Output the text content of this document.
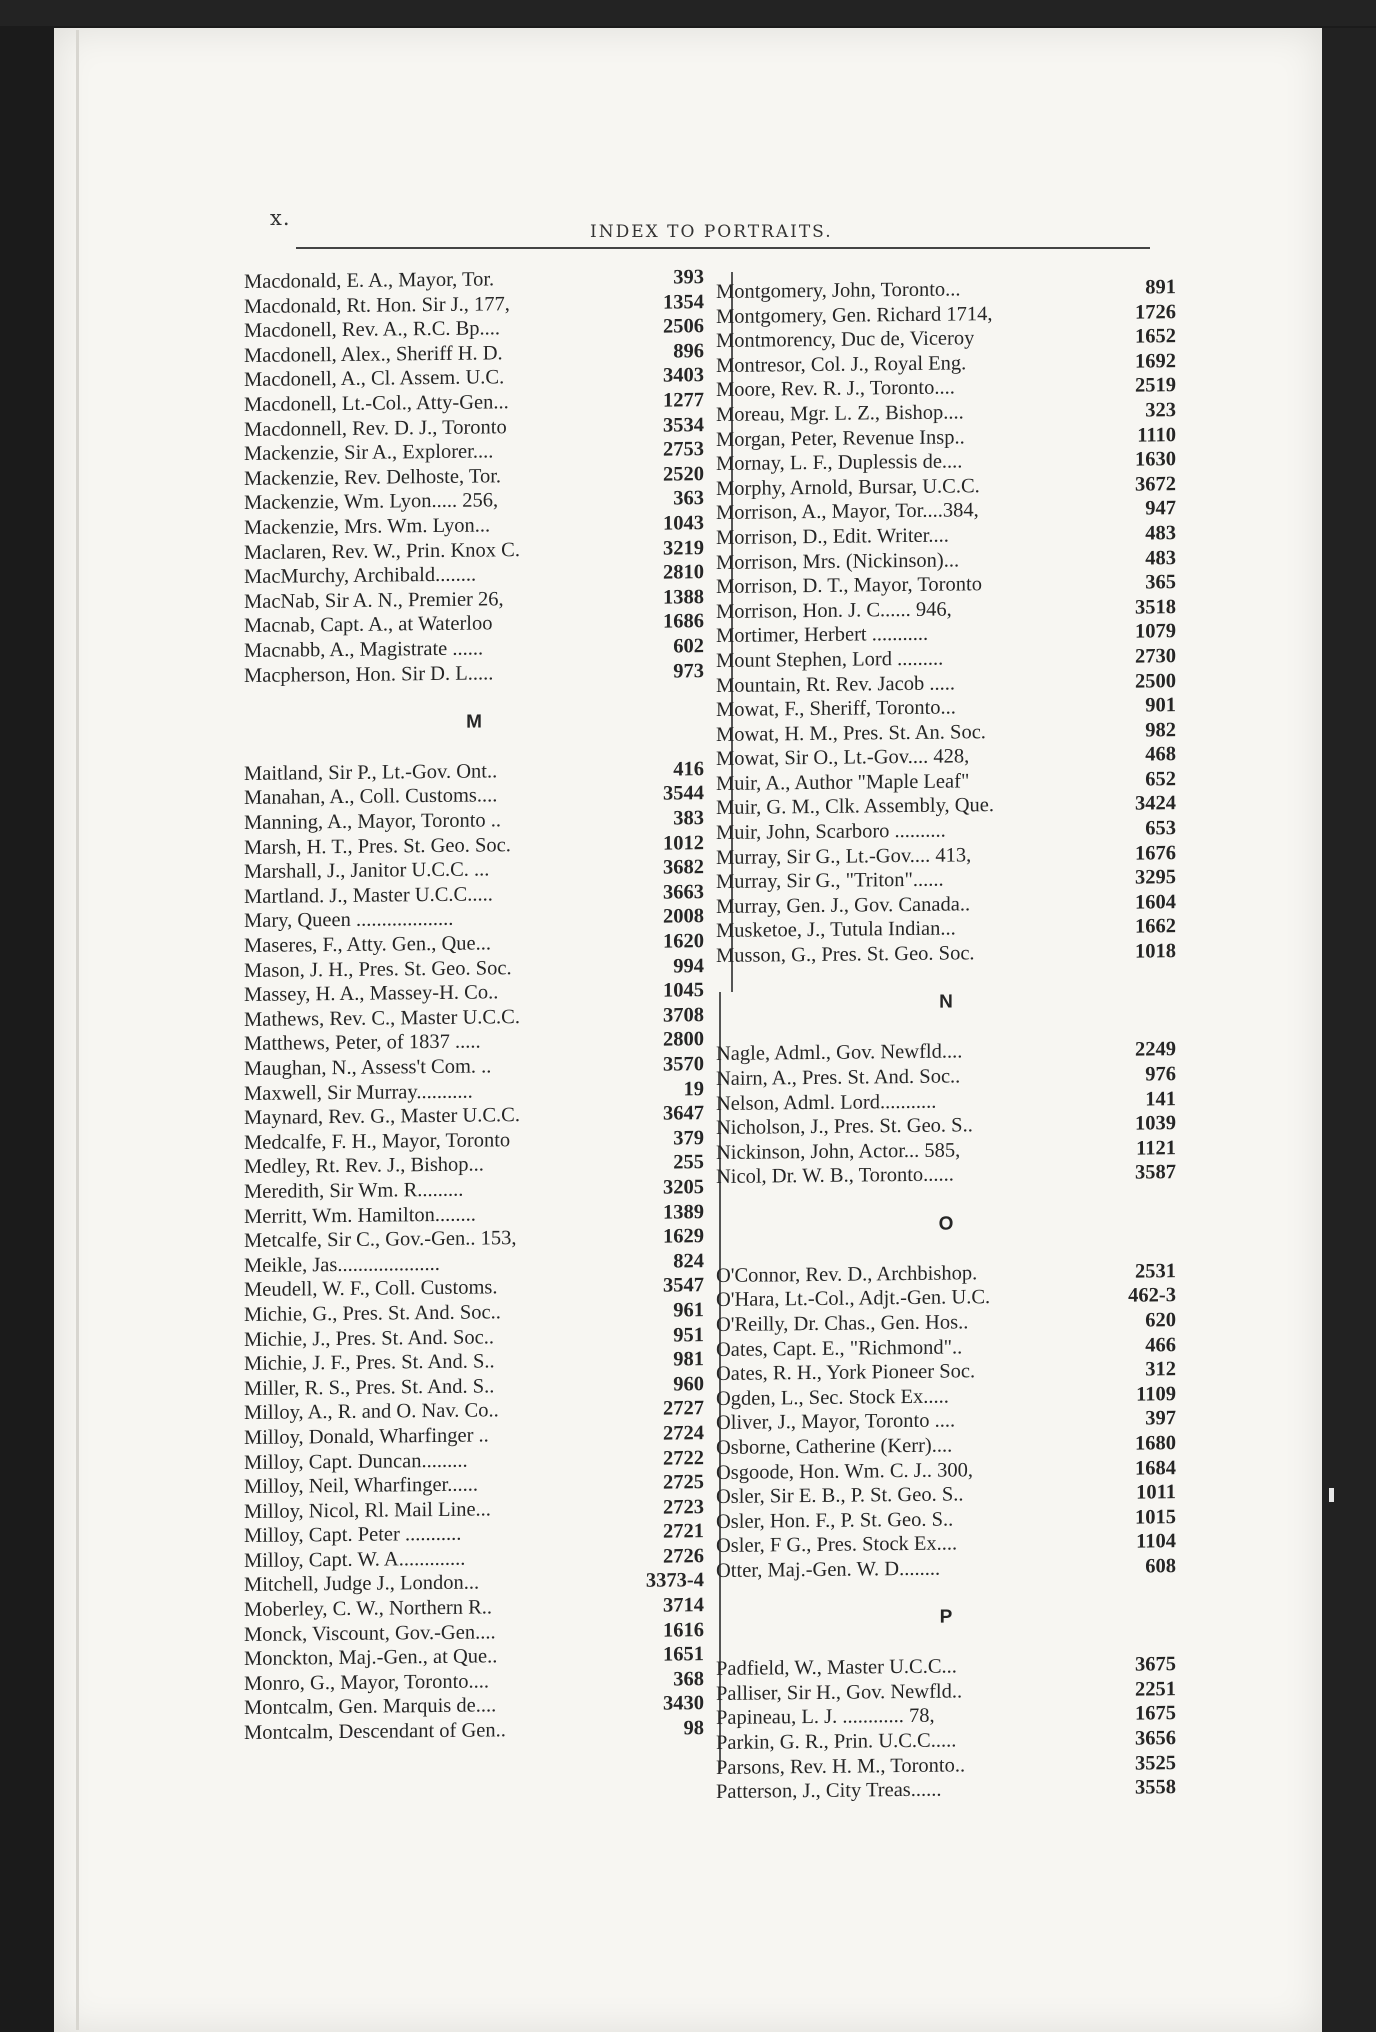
x.
INDEX TO PORTRAITS.
Macdonald, E. A., Mayor, Tor.	393
Macdonald, Rt. Hon. Sir J., 177,	1354
Macdonell, Rev. A., R.C. Bp....	2506
Macdonell, Alex., Sheriff H. D.	896
Macdonell, A., Cl. Assem. U.C.	3403
Macdonell, Lt.-Col., Atty-Gen...	1277
Macdonnell, Rev. D. J., Toronto	3534
Mackenzie, Sir A., Explorer....	2753
Mackenzie, Rev. Delhoste, Tor.	2520
Mackenzie, Wm. Lyon..... 256,	363
Mackenzie, Mrs. Wm. Lyon...	1043
Maclaren, Rev. W., Prin. Knox C.	3219
MacMurchy, Archibald........	2810
MacNab, Sir A. N., Premier 26,	1388
Macnab, Capt. A., at Waterloo	1686
Macnabb, A., Magistrate ......	602
Macpherson, Hon. Sir D. L.....	973
M
Maitland, Sir P., Lt.-Gov. Ont..	416
Manahan, A., Coll. Customs....	3544
Manning, A., Mayor, Toronto ..	383
Marsh, H. T., Pres. St. Geo. Soc.	1012
Marshall, J., Janitor U.C.C. ...	3682
Martland. J., Master U.C.C.....	3663
Mary, Queen ...................	2008
Maseres, F., Atty. Gen., Que...	1620
Mason, J. H., Pres. St. Geo. Soc.	994
Massey, H. A., Massey-H. Co..	1045
Mathews, Rev. C., Master U.C.C.	3708
Matthews, Peter, of 1837 .....	2800
Maughan, N., Assess't Com. ..	3570
Maxwell, Sir Murray...........	19
Maynard, Rev. G., Master U.C.C.	3647
Medcalfe, F. H., Mayor, Toronto	379
Medley, Rt. Rev. J., Bishop...	255
Meredith, Sir Wm. R.........	3205
Merritt, Wm. Hamilton........	1389
Metcalfe, Sir C., Gov.-Gen.. 153,	1629
Meikle, Jas....................	824
Meudell, W. F., Coll. Customs.	3547
Michie, G., Pres. St. And. Soc..	961
Michie, J., Pres. St. And. Soc..	951
Michie, J. F., Pres. St. And. S..	981
Miller, R. S., Pres. St. And. S..	960
Milloy, A., R. and O. Nav. Co..	2727
Milloy, Donald, Wharfinger ..	2724
Milloy, Capt. Duncan.........	2722
Milloy, Neil, Wharfinger......	2725
Milloy, Nicol, Rl. Mail Line...	2723
Milloy, Capt. Peter ...........	2721
Milloy, Capt. W. A.............	2726
Mitchell, Judge J., London...	3373-4
Moberley, C. W., Northern R..	3714
Monck, Viscount, Gov.-Gen....	1616
Monckton, Maj.-Gen., at Que..	1651
Monro, G., Mayor, Toronto....	368
Montcalm, Gen. Marquis de....	3430
Montcalm, Descendant of Gen..	98
Montgomery, John, Toronto...	891
Montgomery, Gen. Richard 1714,	1726
Montmorency, Duc de, Viceroy	1652
Montresor, Col. J., Royal Eng.	1692
Moore, Rev. R. J., Toronto....	2519
Moreau, Mgr. L. Z., Bishop....	323
Morgan, Peter, Revenue Insp..	1110
Mornay, L. F., Duplessis de....	1630
Morphy, Arnold, Bursar, U.C.C.	3672
Morrison, A., Mayor, Tor....384,	947
Morrison, D., Edit. Writer....	483
Morrison, Mrs. (Nickinson)...	483
Morrison, D. T., Mayor, Toronto	365
Morrison, Hon. J. C...... 946,	3518
Mortimer, Herbert ...........	1079
Mount Stephen, Lord .........	2730
Mountain, Rt. Rev. Jacob .....	2500
Mowat, F., Sheriff, Toronto...	901
Mowat, H. M., Pres. St. An. Soc.	982
Mowat, Sir O., Lt.-Gov.... 428,	468
Muir, A., Author "Maple Leaf"	652
Muir, G. M., Clk. Assembly, Que.	3424
Muir, John, Scarboro ..........	653
Murray, Sir G., Lt.-Gov.... 413,	1676
Murray, Sir G., "Triton"......	3295
Murray, Gen. J., Gov. Canada..	1604
Musketoe, J., Tutula Indian...	1662
Musson, G., Pres. St. Geo. Soc.	1018
N
Nagle, Adml., Gov. Newfld....	2249
Nairn, A., Pres. St. And. Soc..	976
Nelson, Adml. Lord...........	141
Nicholson, J., Pres. St. Geo. S..	1039
Nickinson, John, Actor... 585,	1121
Nicol, Dr. W. B., Toronto......	3587
O
O'Connor, Rev. D., Archbishop.	2531
O'Hara, Lt.-Col., Adjt.-Gen. U.C.	462-3
O'Reilly, Dr. Chas., Gen. Hos..	620
Oates, Capt. E., "Richmond"..	466
Oates, R. H., York Pioneer Soc.	312
Ogden, L., Sec. Stock Ex.....	1109
Oliver, J., Mayor, Toronto ....	397
Osborne, Catherine (Kerr)....	1680
Osgoode, Hon. Wm. C. J.. 300,	1684
Osler, Sir E. B., P. St. Geo. S..	1011
Osler, Hon. F., P. St. Geo. S..	1015
Osler, F G., Pres. Stock Ex....	1104
Otter, Maj.-Gen. W. D........	608
P
Padfield, W., Master U.C.C...	3675
Palliser, Sir H., Gov. Newfld..	2251
Papineau, L. J. ............ 78,	1675
Parkin, G. R., Prin. U.C.C.....	3656
Parsons, Rev. H. M., Toronto..	3525
Patterson, J., City Treas......	3558
